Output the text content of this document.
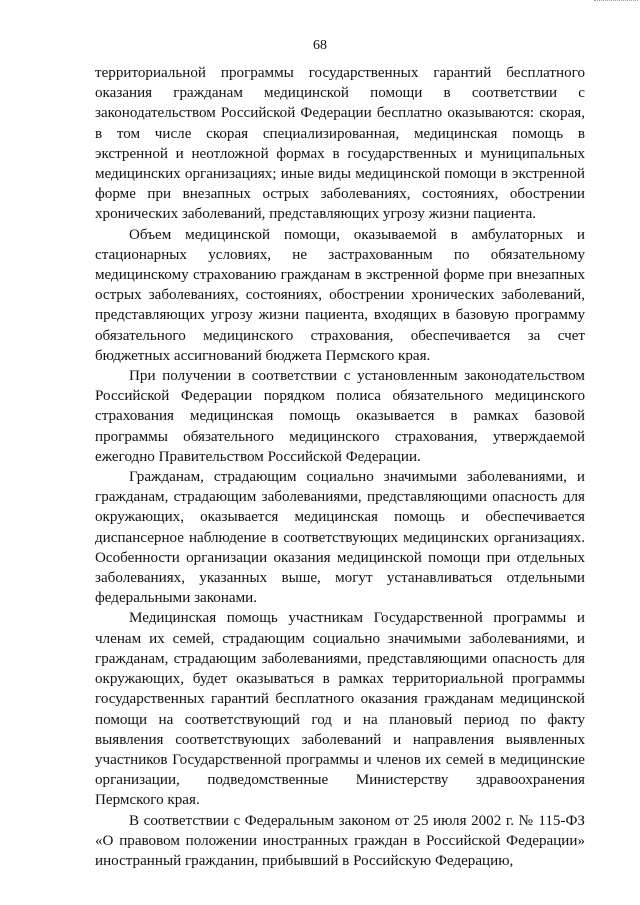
68

территориальной программы государственных гарантий бесплатного оказания гражданам медицинской помощи в соответствии с законодательством Российской Федерации бесплатно оказываются: скорая, в том числе скорая специализированная, медицинская помощь в экстренной и неотложной формах в государственных и муниципальных медицинских организациях; иные виды медицинской помощи в экстренной форме при внезапных острых заболеваниях, состояниях, обострении хронических заболеваний, представляющих угрозу жизни пациента.

Объем медицинской помощи, оказываемой в амбулаторных и стационарных условиях, не застрахованным по обязательному медицинскому страхованию гражданам в экстренной форме при внезапных острых заболеваниях, состояниях, обострении хронических заболеваний, представляющих угрозу жизни пациента, входящих в базовую программу обязательного медицинского страхования, обеспечивается за счет бюджетных ассигнований бюджета Пермского края.

При получении в соответствии с установленным законодательством Российской Федерации порядком полиса обязательного медицинского страхования медицинская помощь оказывается в рамках базовой программы обязательного медицинского страхования, утверждаемой ежегодно Правительством Российской Федерации.

Гражданам, страдающим социально значимыми заболеваниями, и гражданам, страдающим заболеваниями, представляющими опасность для окружающих, оказывается медицинская помощь и обеспечивается диспансерное наблюдение в соответствующих медицинских организациях. Особенности организации оказания медицинской помощи при отдельных заболеваниях, указанных выше, могут устанавливаться отдельными федеральными законами.

Медицинская помощь участникам Государственной программы и членам их семей, страдающим социально значимыми заболеваниями, и гражданам, страдающим заболеваниями, представляющими опасность для окружающих, будет оказываться в рамках территориальной программы государственных гарантий бесплатного оказания гражданам медицинской помощи на соответствующий год и на плановый период по факту выявления соответствующих заболеваний и направления выявленных участников Государственной программы и членов их семей в медицинские организации, подведомственные Министерству здравоохранения Пермского края.

В соответствии с Федеральным законом от 25 июля 2002 г. № 115-ФЗ «О правовом положении иностранных граждан в Российской Федерации» иностранный гражданин, прибывший в Российскую Федерацию,
